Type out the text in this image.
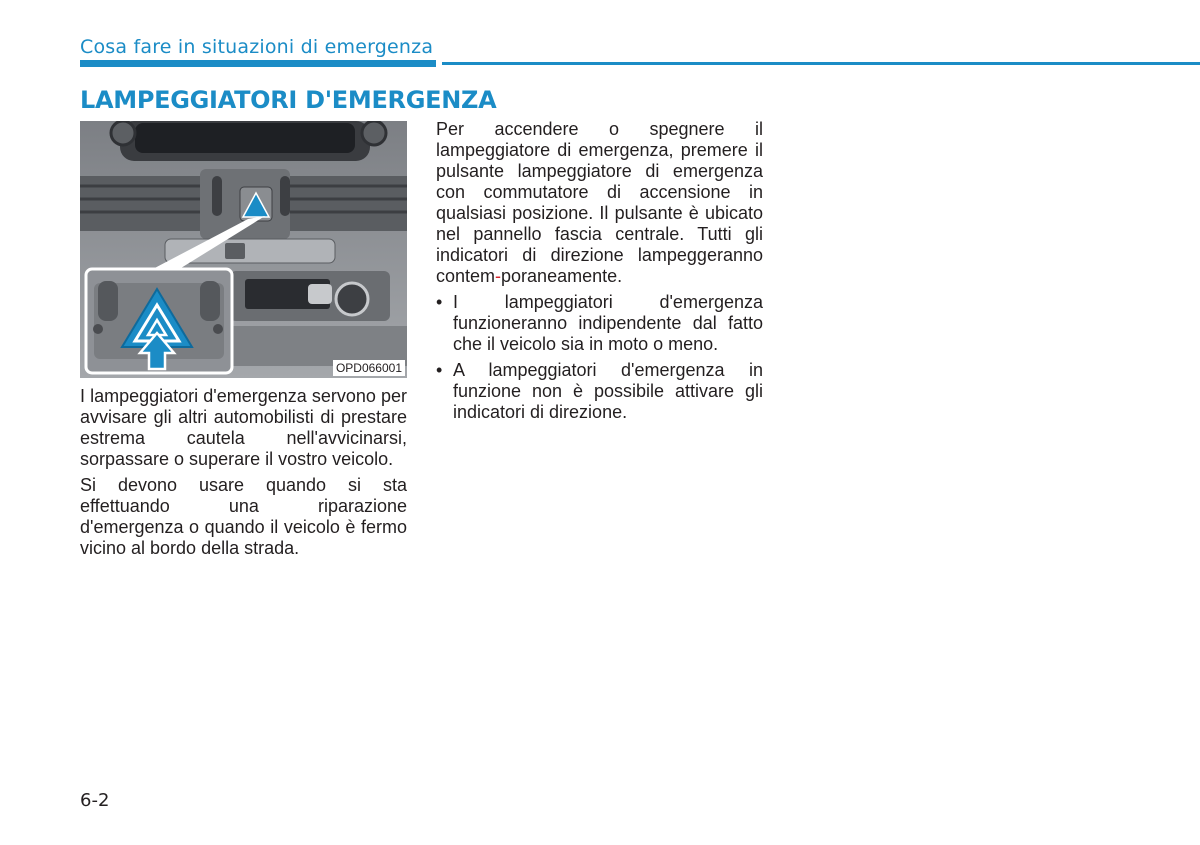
Cosa fare in situazioni di emergenza
LAMPEGGIATORI D'EMERGENZA
OPD066001

I lampeggiatori d'emergenza servono per avvisare gli altri automobilisti di prestare estrema cautela nell'avvicinarsi, sorpassare o superare il vostro veicolo.

Si devono usare quando si sta effettuando una riparazione d'emergenza o quando il veicolo è fermo vicino al bordo della strada.

Per accendere o spegnere il lampeggiatore di emergenza, premere il pulsante lampeggiatore di emergenza con commutatore di accensione in qualsiasi posizione. Il pulsante è ubicato nel pannello fascia centrale. Tutti gli indicatori di direzione lampeggeranno contem-poraneamente.

• I lampeggiatori d'emergenza funzioneranno indipendente dal fatto che il veicolo sia in moto o meno.
• A lampeggiatori d'emergenza in funzione non è possibile attivare gli indicatori di direzione.
6-2
